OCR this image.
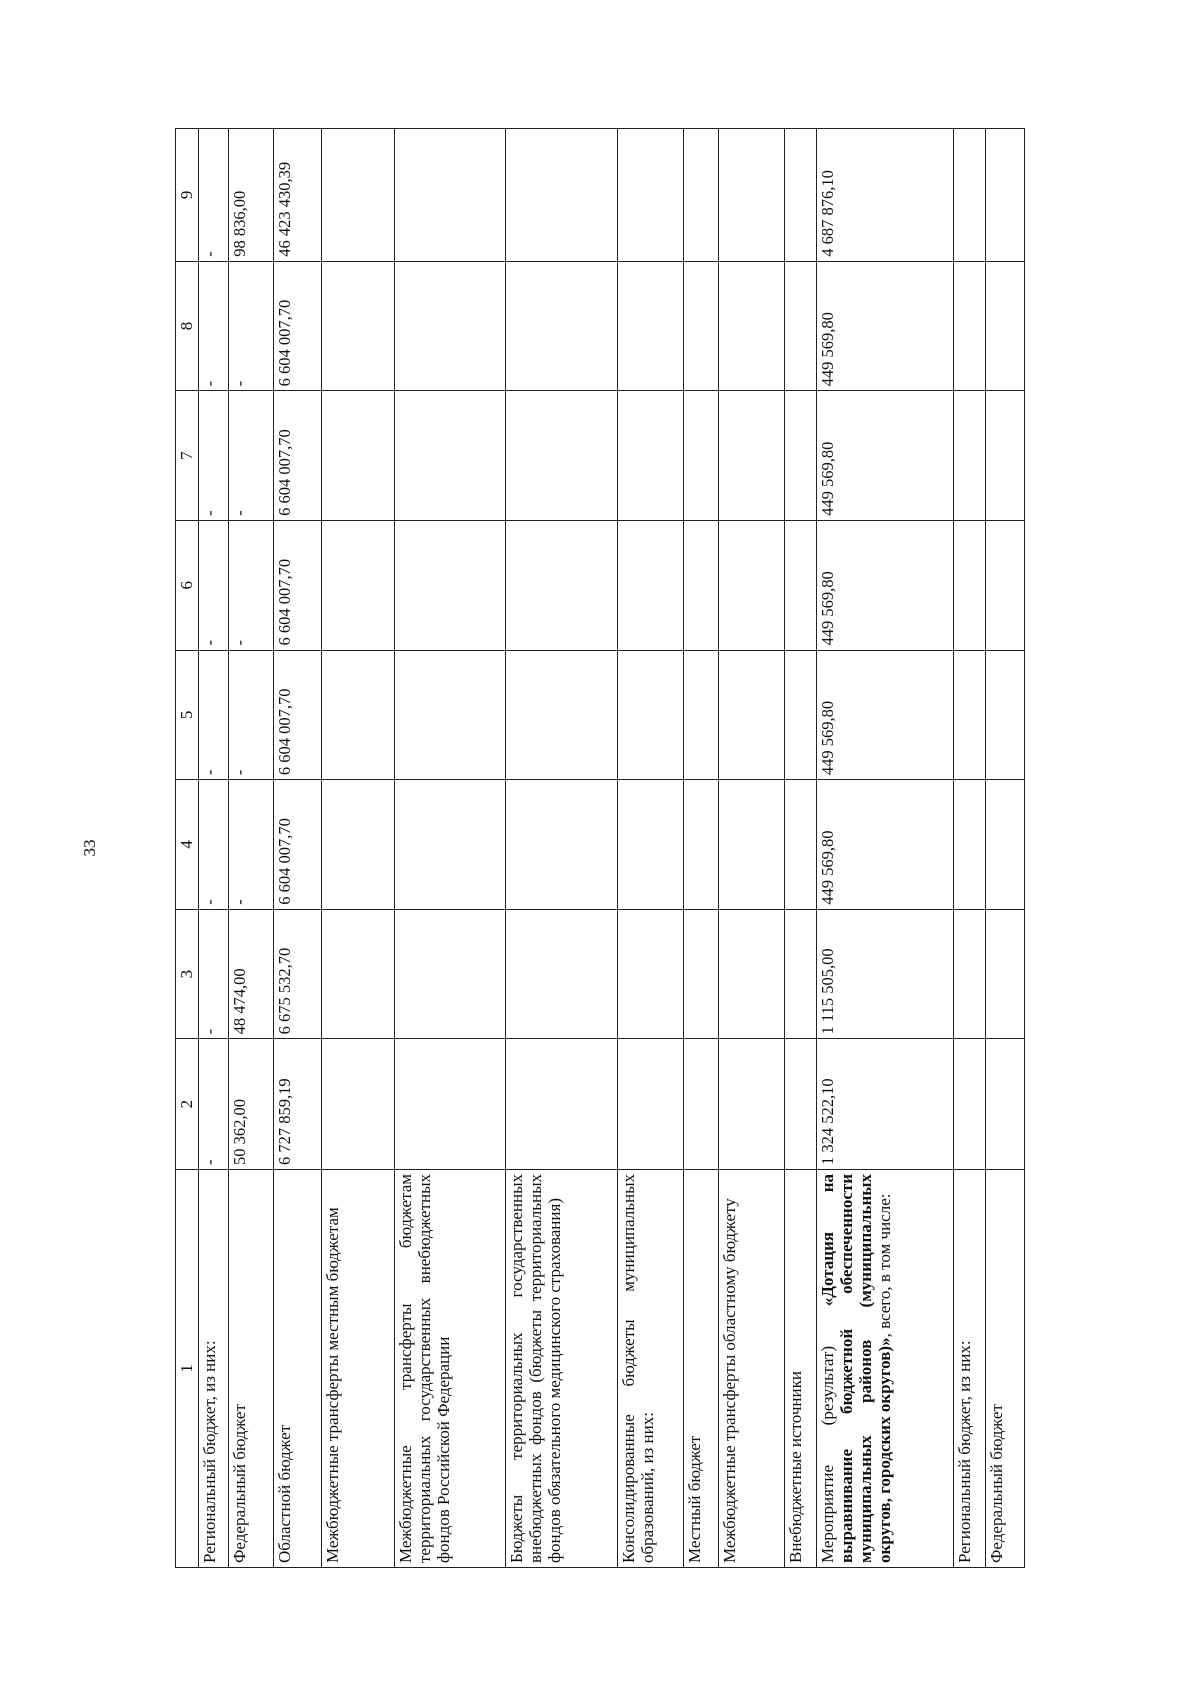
33
1	2	3	4	5	6	7	8	9
Региональный бюджет, из них:	-	-	-	-	-	-	-	-
Федеральный бюджет	50 362,00	48 474,00	-	-	-	-	-	98 836,00
Областной бюджет	6 727 859,19	6 675 532,70	6 604 007,70	6 604 007,70	6 604 007,70	6 604 007,70	6 604 007,70	46 423 430,39
Межбюджетные трансферты местным бюджетам								
Межбюджетные трансферты бюджетам территориальных государственных внебюджетных фондов Российской Федерации								
Бюджеты территориальных государственных внебюджетных фондов (бюджеты территориальных фондов обязательного медицинского страхования)								
Консолидированные бюджеты муниципальных образований, из них:								
Местный бюджет								
Межбюджетные трансферты областному бюджету								
Внебюджетные источники								
Мероприятие (результат) «Дотация на выравнивание бюджетной обеспеченности муниципальных районов (муниципальных округов, городских округов)», всего, в том числе:	1 324 522,10	1 115 505,00	449 569,80	449 569,80	449 569,80	449 569,80	449 569,80	4 687 876,10
Региональный бюджет, из них:								
Федеральный бюджет								
